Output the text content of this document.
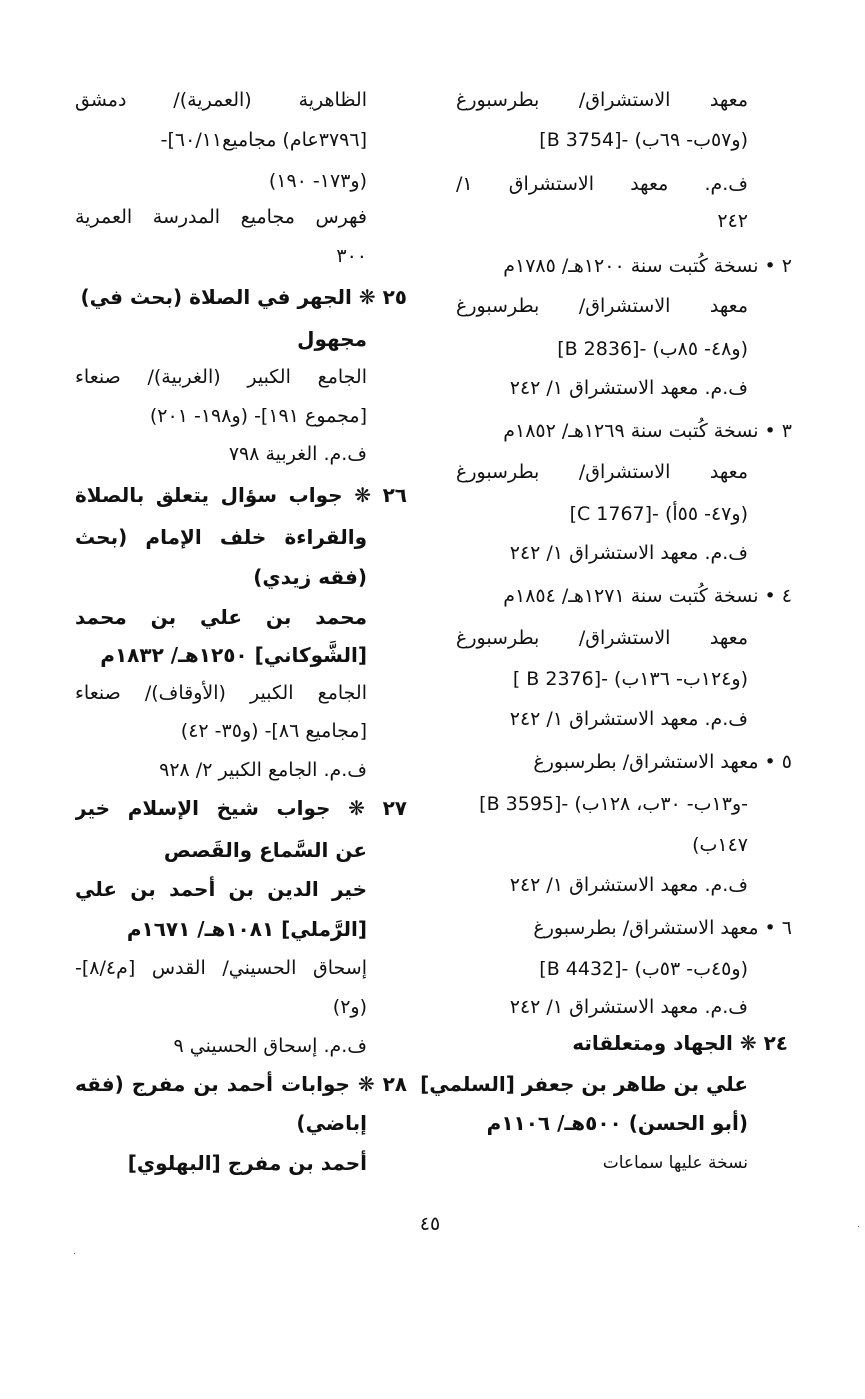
معهد الاستشراق/ بطرسبورغ
[B 3754]- (و٥٧ب- ٦٩ب)
ف.م. معهد الاستشراق ١/
٢٤٢
٢ • نسخة كُتبت سنة ١٢٠٠هـ/ ١٧٨٥م
معهد الاستشراق/ بطرسبورغ
[B 2836]- (و٤٨- ٨٥ب)
ف.م. معهد الاستشراق ١/ ٢٤٢
٣ • نسخة كُتبت سنة ١٢٦٩هـ/ ١٨٥٢م
معهد الاستشراق/ بطرسبورغ
[C 1767]- (و٤٧- ٥٥أ)
ف.م. معهد الاستشراق ١/ ٢٤٢
٤ • نسخة كُتبت سنة ١٢٧١هـ/ ١٨٥٤م
معهد الاستشراق/ بطرسبورغ
[ B 2376]- (و١٢٤ب- ١٣٦ب)
ف.م. معهد الاستشراق ١/ ٢٤٢
٥ • معهد الاستشراق/ بطرسبورغ
[B 3595]- (و١٣ب- ٣٠ب، ١٢٨ب-
١٤٧ب)
ف.م. معهد الاستشراق ١/ ٢٤٢
٦ • معهد الاستشراق/ بطرسبورغ
[B 4432]- (و٤٥ب- ٥٣ب)
ف.م. معهد الاستشراق ١/ ٢٤٢
٢٤ ❋ الجهاد ومتعلقاته
علي بن طاهر بن جعفر [السلمي]
(أبو الحسن) ٥٠٠هـ/ ١١٠٦م
نسخة عليها سماعات
الظاهرية (العمرية)/ دمشق
[٣٧٩٦عام) مجاميع٦٠/١١]-
(و١٧٣- ١٩٠)
فهرس مجاميع المدرسة العمرية
٣٠٠
٢٥ ❋ الجهر في الصلاة (بحث في)
مجهول
الجامع الكبير (الغربية)/ صنعاء
[مجموع ١٩١]- (و١٩٨- ٢٠١)
ف.م. الغربية ٧٩٨
٢٦ ❋ جواب سؤال يتعلق بالصلاة
والقراءة خلف الإمام (بحث
(فقه زيدي)
محمد بن علي بن محمد
[الشَّوكاني] ١٢٥٠هـ/ ١٨٣٢م
الجامع الكبير (الأوقاف)/ صنعاء
[مجاميع ٨٦]- (و٣٥- ٤٢)
ف.م. الجامع الكبير ٢/ ٩٢٨
٢٧ ❋ جواب شيخ الإسلام خير
عن السَّماع والقَصص
خير الدين بن أحمد بن علي
[الرَّملي] ١٠٨١هـ/ ١٦٧١م
إسحاق الحسيني/ القدس [م٨/٤]-
(و٢)
ف.م. إسحاق الحسيني ٩
٢٨ ❋ جوابات أحمد بن مفرج (فقه
إباضي)
أحمد بن مفرج [البهلوي]
٤٥
